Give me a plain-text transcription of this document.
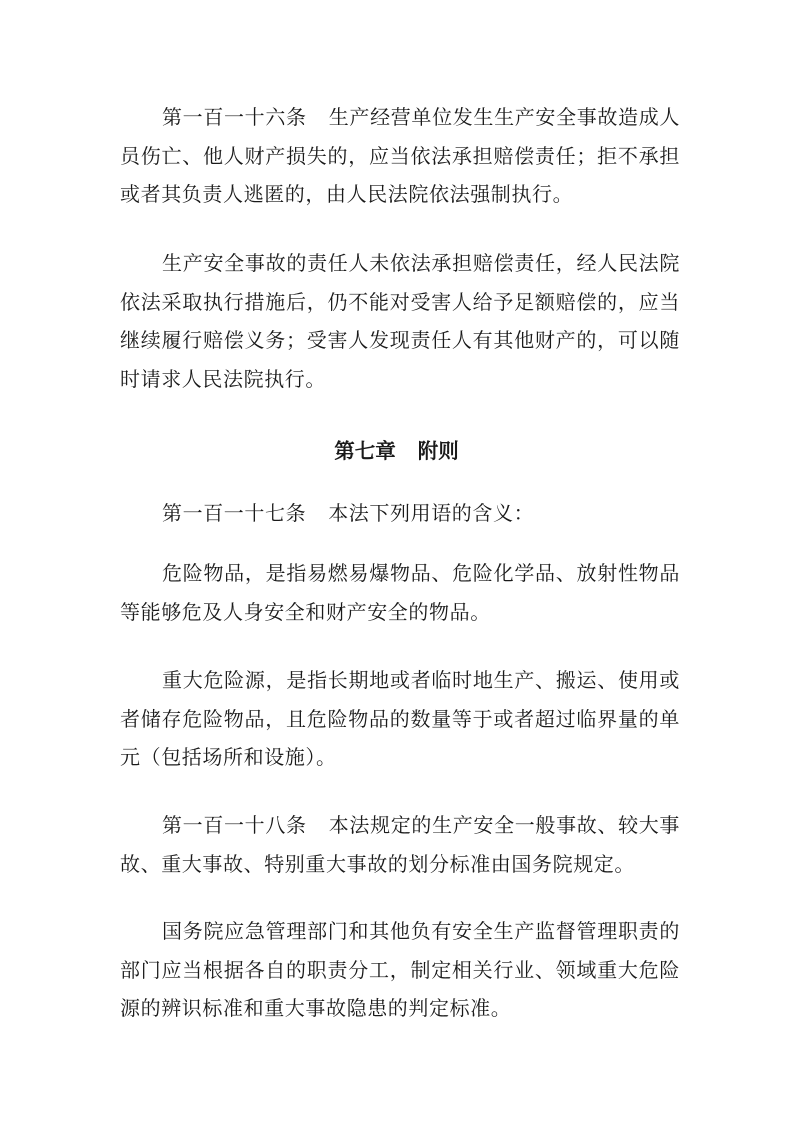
第一百一十六条 生产经营单位发生生产安全事故造成人员伤亡、他人财产损失的，应当依法承担赔偿责任；拒不承担或者其负责人逃匿的，由人民法院依法强制执行。

生产安全事故的责任人未依法承担赔偿责任，经人民法院依法采取执行措施后，仍不能对受害人给予足额赔偿的，应当继续履行赔偿义务；受害人发现责任人有其他财产的，可以随时请求人民法院执行。

第七章 附则

第一百一十七条 本法下列用语的含义：

危险物品，是指易燃易爆物品、危险化学品、放射性物品等能够危及人身安全和财产安全的物品。

重大危险源，是指长期地或者临时地生产、搬运、使用或者储存危险物品，且危险物品的数量等于或者超过临界量的单元（包括场所和设施）。

第一百一十八条 本法规定的生产安全一般事故、较大事故、重大事故、特别重大事故的划分标准由国务院规定。

国务院应急管理部门和其他负有安全生产监督管理职责的部门应当根据各自的职责分工，制定相关行业、领域重大危险源的辨识标准和重大事故隐患的判定标准。
